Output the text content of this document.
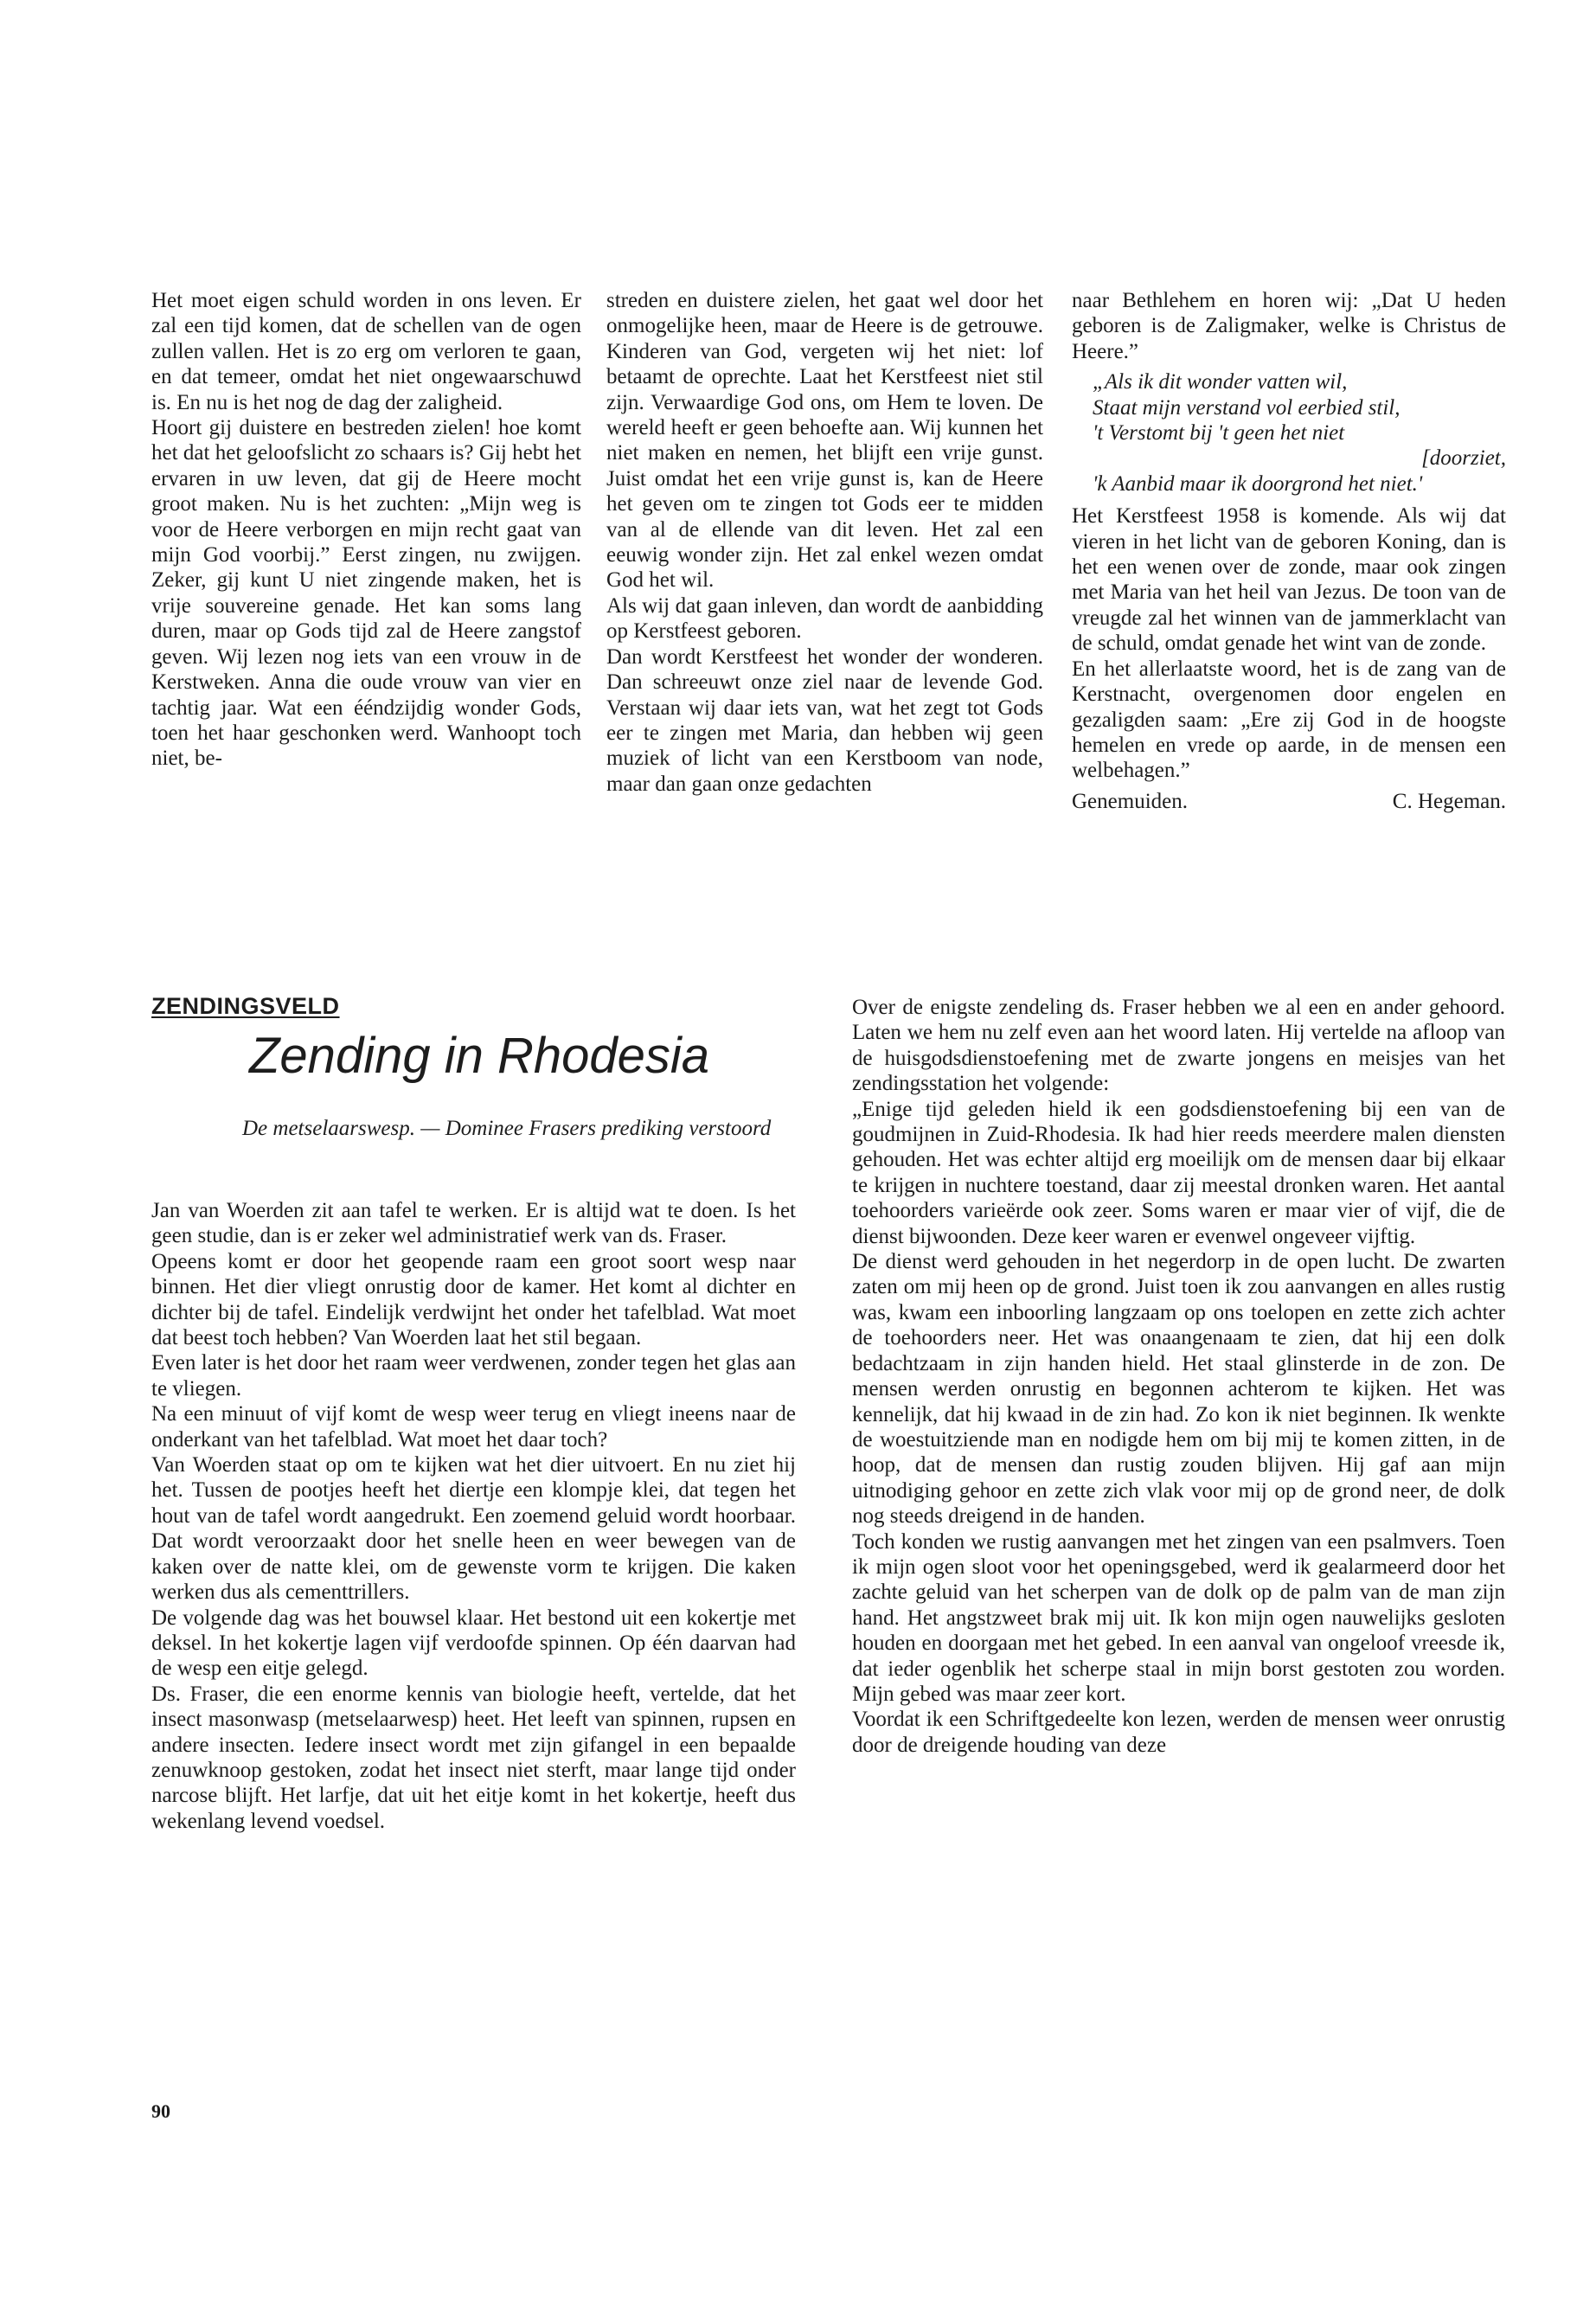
Het moet eigen schuld worden in ons leven. Er zal een tijd komen, dat de schellen van de ogen zullen vallen. Het is zo erg om verloren te gaan, en dat temeer, omdat het niet ongewaarschuwd is. En nu is het nog de dag der zaligheid.

Hoort gij duistere en bestreden zielen! hoe komt het dat het geloofslicht zo schaars is? Gij hebt het ervaren in uw leven, dat gij de Heere mocht groot maken. Nu is het zuchten: „Mijn weg is voor de Heere verborgen en mijn recht gaat van mijn God voorbij.” Eerst zingen, nu zwijgen. Zeker, gij kunt U niet zingende maken, het is vrije souvereine genade. Het kan soms lang duren, maar op Gods tijd zal de Heere zangstof geven. Wij lezen nog iets van een vrouw in de Kerstweken. Anna die oude vrouw van vier en tachtig jaar. Wat een ééndzijdig wonder Gods, toen het haar geschonken werd. Wanhoopt toch niet, be-

streden en duistere zielen, het gaat wel door het onmogelijke heen, maar de Heere is de getrouwe. Kinderen van God, vergeten wij het niet: lof betaamt de oprechte. Laat het Kerstfeest niet stil zijn. Verwaardige God ons, om Hem te loven. De wereld heeft er geen behoefte aan. Wij kunnen het niet maken en nemen, het blijft een vrije gunst. Juist omdat het een vrije gunst is, kan de Heere het geven om te zingen tot Gods eer te midden van al de ellende van dit leven. Het zal een eeuwig wonder zijn. Het zal enkel wezen omdat God het wil.

Als wij dat gaan inleven, dan wordt de aanbidding op Kerstfeest geboren.

Dan wordt Kerstfeest het wonder der wonderen. Dan schreeuwt onze ziel naar de levende God. Verstaan wij daar iets van, wat het zegt tot Gods eer te zingen met Maria, dan hebben wij geen muziek of licht van een Kerstboom van node, maar dan gaan onze gedachten

naar Bethlehem en horen wij: „Dat U heden geboren is de Zaligmaker, welke is Christus de Heere.”

„Als ik dit wonder vatten wil,
Staat mijn verstand vol eerbied stil,
't Verstomt bij 't geen het niet
[doorziet,
'k Aanbid maar ik doorgrond het niet.'

Het Kerstfeest 1958 is komende. Als wij dat vieren in het licht van de geboren Koning, dan is het een wenen over de zonde, maar ook zingen met Maria van het heil van Jezus. De toon van de vreugde zal het winnen van de jammerklacht van de schuld, omdat genade het wint van de zonde.

En het allerlaatste woord, het is de zang van de Kerstnacht, overgenomen door engelen en gezaligden saam: „Ere zij God in de hoogste hemelen en vrede op aarde, in de mensen een welbehagen.”

Genemuiden.	C. Hegeman.
ZENDINGSVELD
Zending in Rhodesia
De metselaarswesp. — Dominee Frasers prediking verstoord

Jan van Woerden zit aan tafel te werken. Er is altijd wat te doen. Is het geen studie, dan is er zeker wel administratief werk van ds. Fraser.

Opeens komt er door het geopende raam een groot soort wesp naar binnen. Het dier vliegt onrustig door de kamer. Het komt al dichter en dichter bij de tafel. Eindelijk verdwijnt het onder het tafelblad. Wat moet dat beest toch hebben? Van Woerden laat het stil begaan.

Even later is het door het raam weer verdwenen, zonder tegen het glas aan te vliegen.

Na een minuut of vijf komt de wesp weer terug en vliegt ineens naar de onderkant van het tafelblad. Wat moet het daar toch?

Van Woerden staat op om te kijken wat het dier uitvoert. En nu ziet hij het. Tussen de pootjes heeft het diertje een klompje klei, dat tegen het hout van de tafel wordt aangedrukt. Een zoemend geluid wordt hoorbaar. Dat wordt veroorzaakt door het snelle heen en weer bewegen van de kaken over de natte klei, om de gewenste vorm te krijgen. Die kaken werken dus als cementtrillers.

De volgende dag was het bouwsel klaar. Het bestond uit een kokertje met deksel. In het kokertje lagen vijf verdoofde spinnen. Op één daarvan had de wesp een eitje gelegd.

Ds. Fraser, die een enorme kennis van biologie heeft, vertelde, dat het insect masonwasp (metselaarwesp) heet. Het leeft van spinnen, rupsen en andere insecten. Iedere insect wordt met zijn gifangel in een bepaalde zenuwknoop gestoken, zodat het insect niet sterft, maar lange tijd onder narcose blijft. Het larfje, dat uit het eitje komt in het kokertje, heeft dus wekenlang levend voedsel.

Over de enigste zendeling ds. Fraser hebben we al een en ander gehoord. Laten we hem nu zelf even aan het woord laten. Hij vertelde na afloop van de huisgodsdienstoefening met de zwarte jongens en meisjes van het zendingsstation het volgende:

„Enige tijd geleden hield ik een godsdienstoefening bij een van de goudmijnen in Zuid-Rhodesia. Ik had hier reeds meerdere malen diensten gehouden. Het was echter altijd erg moeilijk om de mensen daar bij elkaar te krijgen in nuchtere toestand, daar zij meestal dronken waren. Het aantal toehoorders varieërde ook zeer. Soms waren er maar vier of vijf, die de dienst bijwoonden. Deze keer waren er evenwel ongeveer vijftig.

De dienst werd gehouden in het negerdorp in de open lucht. De zwarten zaten om mij heen op de grond. Juist toen ik zou aanvangen en alles rustig was, kwam een inboorling langzaam op ons toelopen en zette zich achter de toehoorders neer. Het was onaangenaam te zien, dat hij een dolk bedachtzaam in zijn handen hield. Het staal glinsterde in de zon. De mensen werden onrustig en begonnen achterom te kijken. Het was kennelijk, dat hij kwaad in de zin had. Zo kon ik niet beginnen. Ik wenkte de woestuitziende man en nodigde hem om bij mij te komen zitten, in de hoop, dat de mensen dan rustig zouden blijven. Hij gaf aan mijn uitnodiging gehoor en zette zich vlak voor mij op de grond neer, de dolk nog steeds dreigend in de handen.

Toch konden we rustig aanvangen met het zingen van een psalmvers. Toen ik mijn ogen sloot voor het openingsgebed, werd ik gealarmeerd door het zachte geluid van het scherpen van de dolk op de palm van de man zijn hand. Het angstzweet brak mij uit. Ik kon mijn ogen nauwelijks gesloten houden en doorgaan met het gebed. In een aanval van ongeloof vreesde ik, dat ieder ogenblik het scherpe staal in mijn borst gestoten zou worden. Mijn gebed was maar zeer kort.

Voordat ik een Schriftgedeelte kon lezen, werden de mensen weer onrustig door de dreigende houding van deze

90
